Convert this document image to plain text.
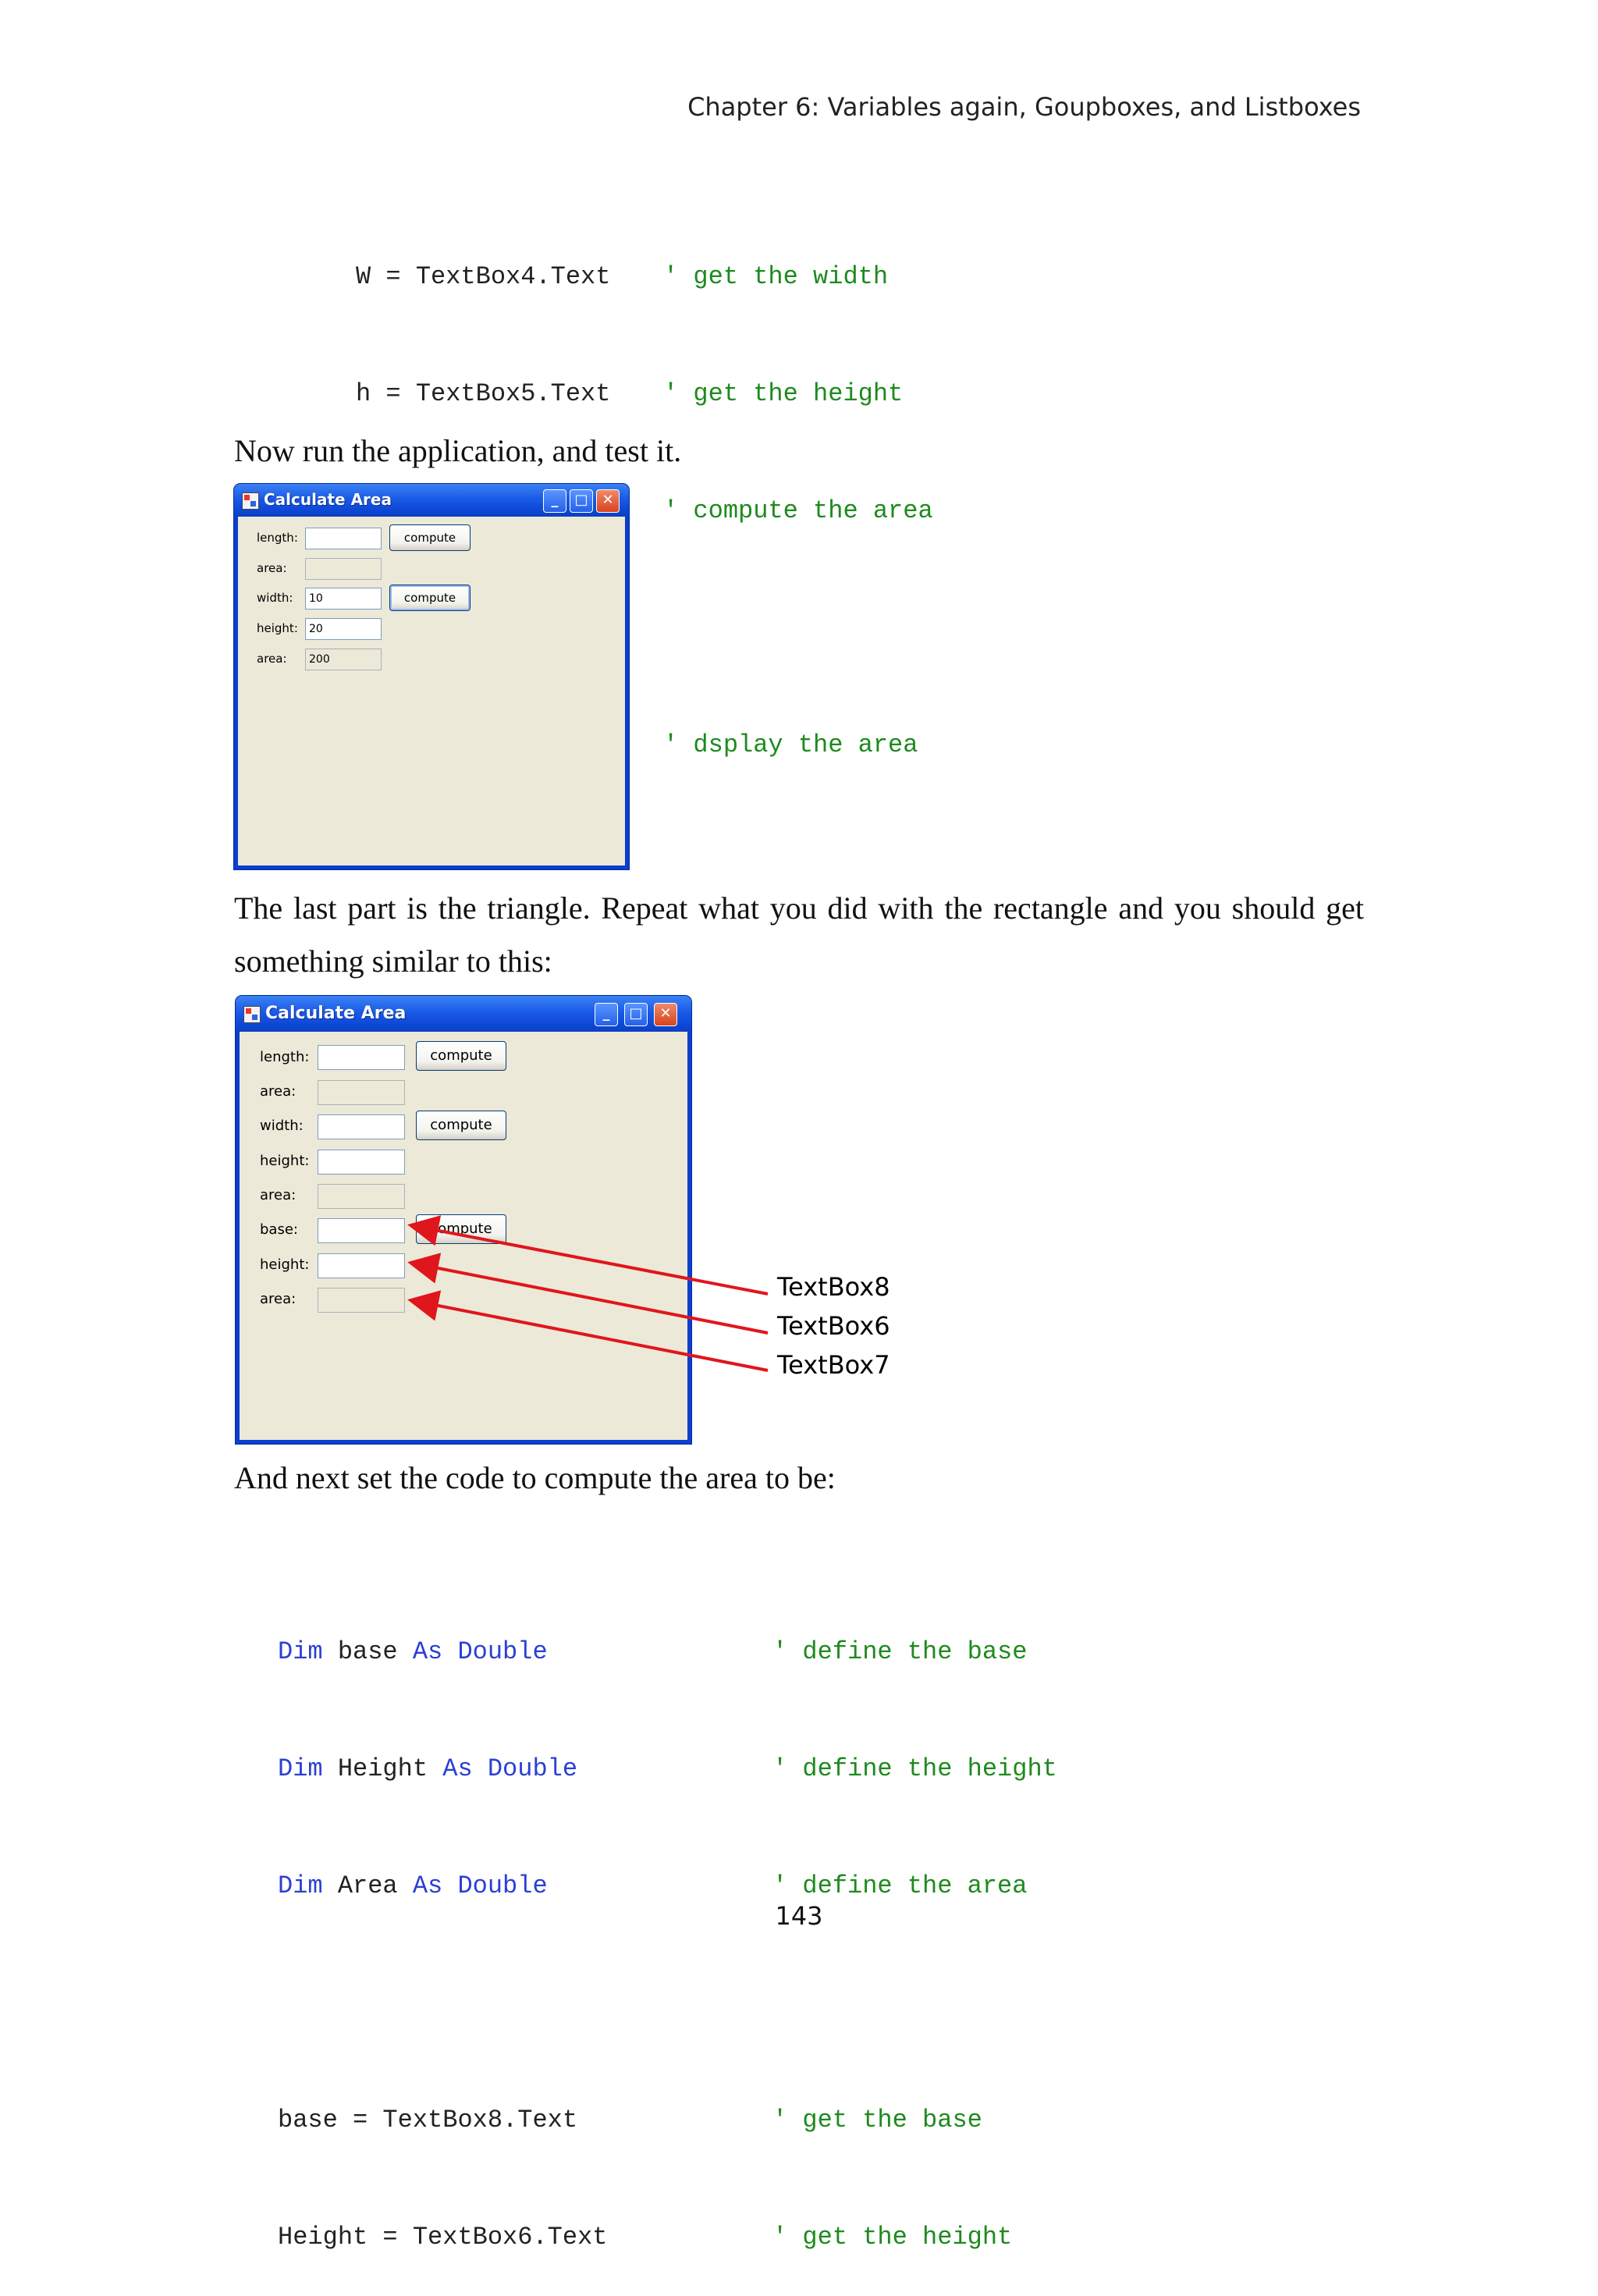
Chapter 6: Variables again, Goupboxes, and Listboxes

W = TextBox4.Text

h = TextBox5.Text

' get the width

' get the height

' compute the area

' dsplay the area

Now run the application, and test it.
Calculate Area	_	□ ✕
length:	compute
area:
width:	10	compute
height:	20
area:	200
The last part is the triangle. Repeat what you did with the rectangle and you should get something similar to this:
Calculate Area	_	□	✕
length:	compute
area:
width:	compute
height:
area:
base:	compute
height:
area:	TextBox8
TextBox6
TextBox7
And next set the code to compute the area to be:

Dim base As Double

Dim Height As Double

Dim Area As Double

base = TextBox8.Text

Height = TextBox6.Text

' define the base

' define the height

' define the area

' get the base

' get the height

143
